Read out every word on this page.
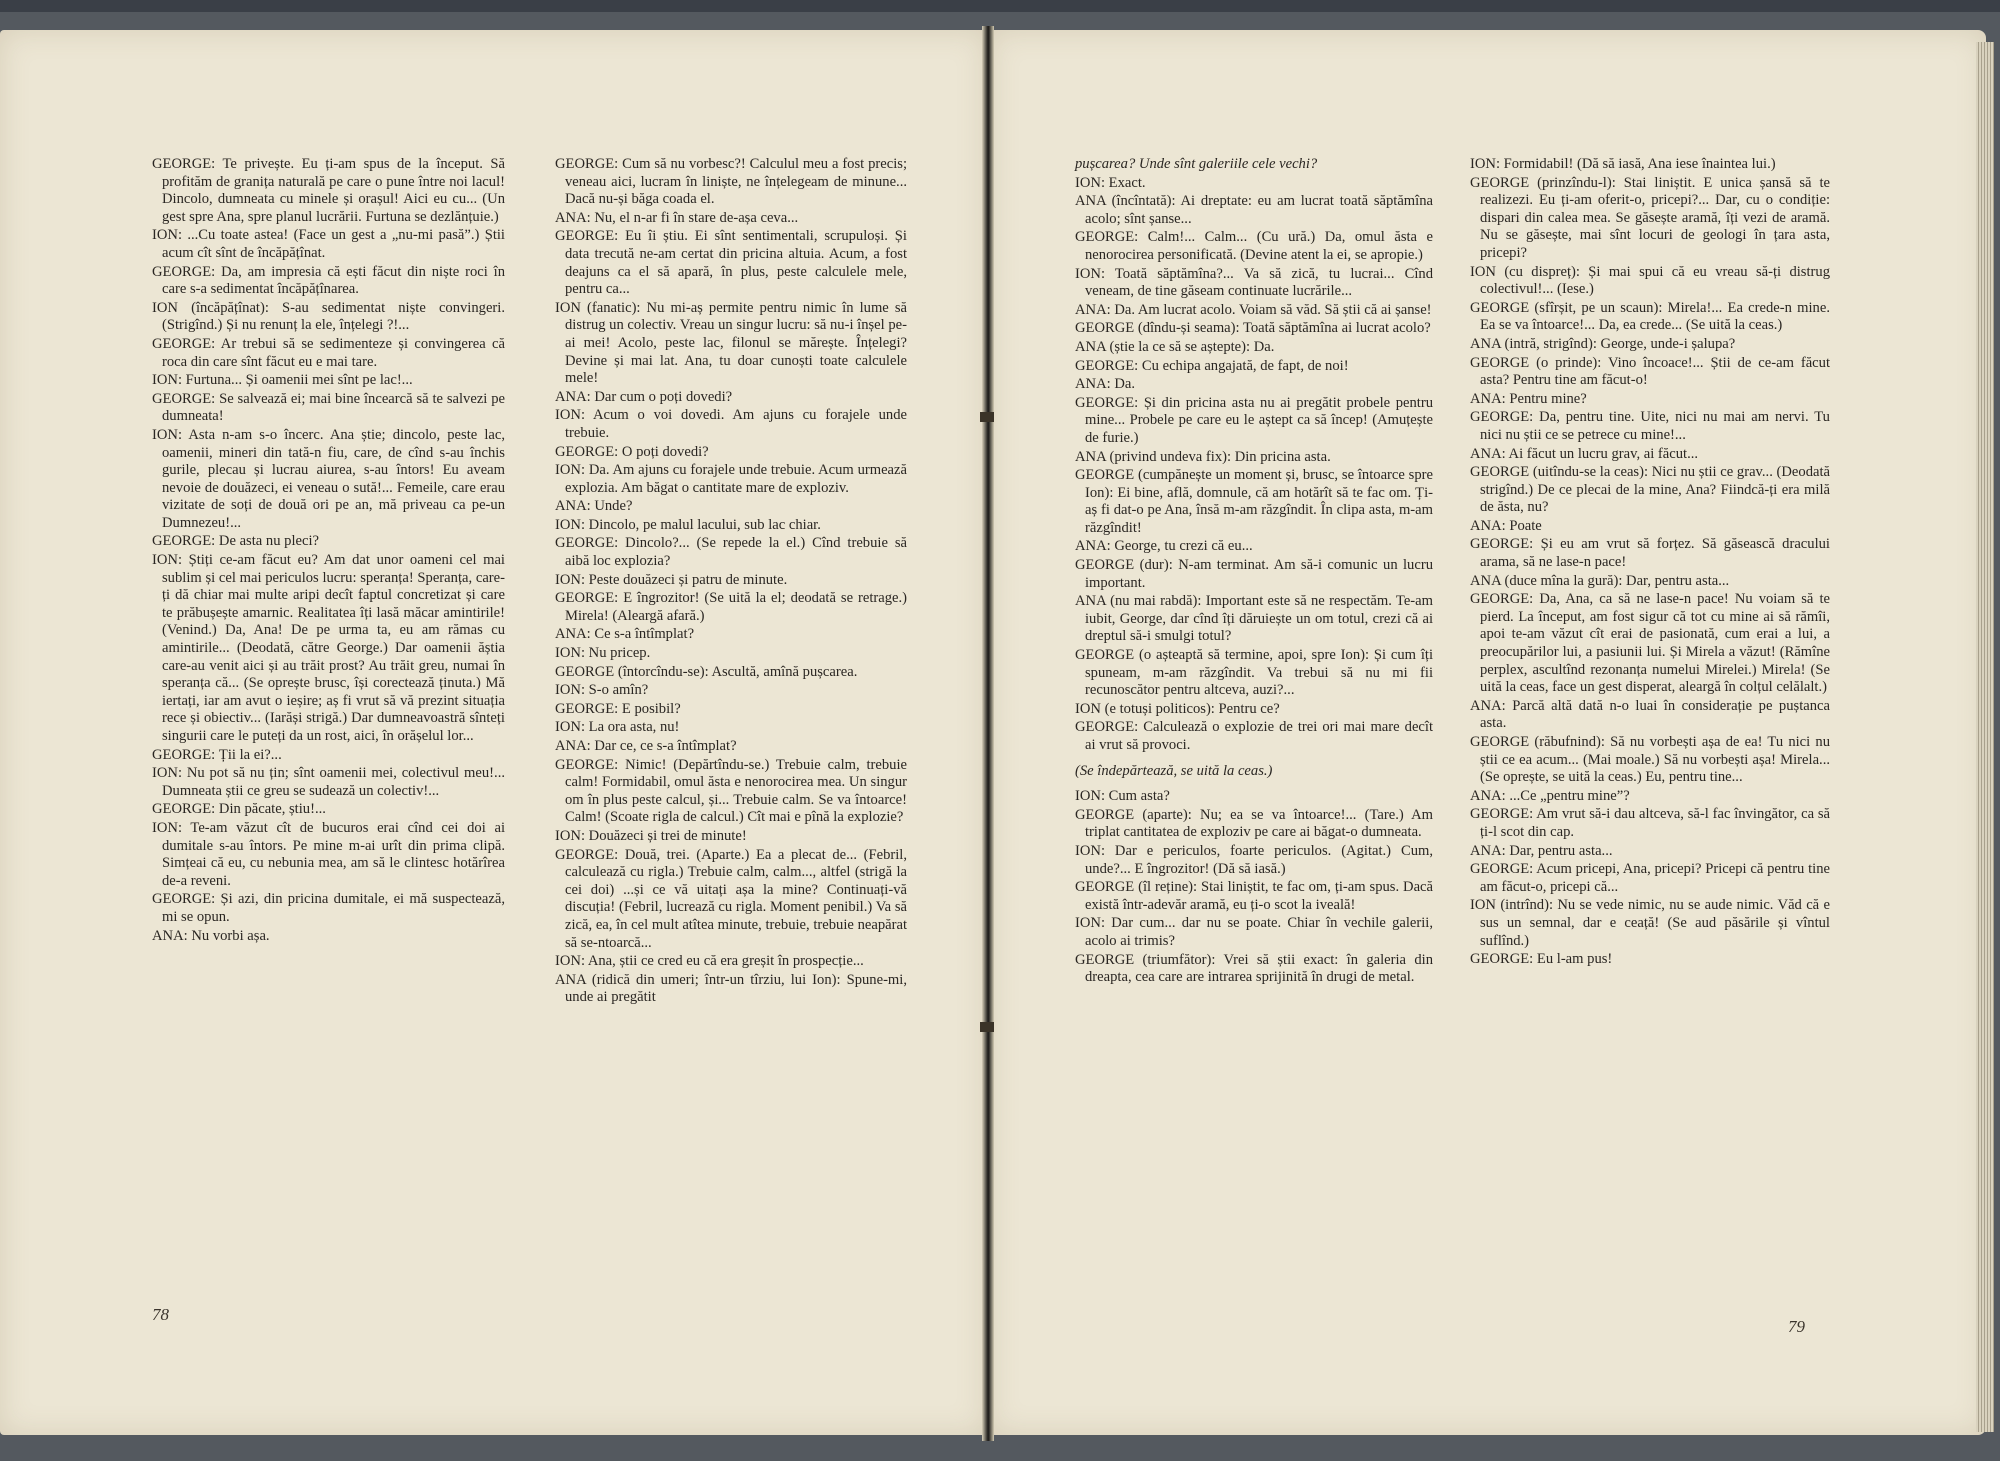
GEORGE: Te privește. Eu ți-am spus de la început. Să profităm de granița naturală pe care o pune între noi lacul! Dincolo, dumneata cu minele și orașul! Aici eu cu... (Un gest spre Ana, spre planul lucrării. Furtuna se dezlănțuie.)

ION: ...Cu toate astea! (Face un gest a „nu-mi pasă”.) Știi acum cît sînt de încăpățînat.

GEORGE: Da, am impresia că ești făcut din niște roci în care s-a sedimentat încăpățînarea.

ION (încăpățînat): S-au sedimentat niște convingeri. (Strigînd.) Și nu renunț la ele, înțelegi ?!...

GEORGE: Ar trebui să se sedimenteze și convingerea că roca din care sînt făcut eu e mai tare.

ION: Furtuna... Și oamenii mei sînt pe lac!...

GEORGE: Se salvează ei; mai bine încearcă să te salvezi pe dumneata!

ION: Asta n-am s-o încerc. Ana știe; dincolo, peste lac, oamenii, mineri din tată-n fiu, care, de cînd s-au închis gurile, plecau și lucrau aiurea, s-au întors! Eu aveam nevoie de douăzeci, ei veneau o sută!... Femeile, care erau vizitate de soți de două ori pe an, mă priveau ca pe-un Dumnezeu!...

GEORGE: De asta nu pleci?

ION: Știți ce-am făcut eu? Am dat unor oameni cel mai sublim și cel mai periculos lucru: speranța! Speranța, care-ți dă chiar mai multe aripi decît faptul concretizat și care te prăbușește amarnic. Realitatea îți lasă măcar amintirile! (Venind.) Da, Ana! De pe urma ta, eu am rămas cu amintirile... (Deodată, către George.) Dar oamenii ăștia care-au venit aici și au trăit prost? Au trăit greu, numai în speranța că... (Se oprește brusc, își corectează ținuta.) Mă iertați, iar am avut o ieșire; aș fi vrut să vă prezint situația rece și obiectiv... (Iarăși strigă.) Dar dumneavoastră sînteți singurii care le puteți da un rost, aici, în orășelul lor...

GEORGE: Ții la ei?...

ION: Nu pot să nu țin; sînt oamenii mei, colectivul meu!... Dumneata știi ce greu se sudează un colectiv!...

GEORGE: Din păcate, știu!...

ION: Te-am văzut cît de bucuros erai cînd cei doi ai dumitale s-au întors. Pe mine m-ai urît din prima clipă. Simțeai că eu, cu nebunia mea, am să le clintesc hotărîrea de-a reveni.

GEORGE: Și azi, din pricina dumitale, ei mă suspectează, mi se opun.

ANA: Nu vorbi așa.

GEORGE: Cum să nu vorbesc?! Calculul meu a fost precis; veneau aici, lucram în liniște, ne înțelegeam de minune... Dacă nu-și băga coada el.

ANA: Nu, el n-ar fi în stare de-așa ceva...

GEORGE: Eu îi știu. Ei sînt sentimentali, scrupuloși. Și data trecută ne-am certat din pricina altuia. Acum, a fost deajuns ca el să apară, în plus, peste calculele mele, pentru ca...

ION (fanatic): Nu mi-aș permite pentru nimic în lume să distrug un colectiv. Vreau un singur lucru: să nu-i înșel pe-ai mei! Acolo, peste lac, filonul se mărește. Înțelegi? Devine și mai lat. Ana, tu doar cunoști toate calculele mele!

ANA: Dar cum o poți dovedi?

ION: Acum o voi dovedi. Am ajuns cu forajele unde trebuie.

GEORGE: O poți dovedi?

ION: Da. Am ajuns cu forajele unde trebuie. Acum urmează explozia. Am băgat o cantitate mare de exploziv.

ANA: Unde?

ION: Dincolo, pe malul lacului, sub lac chiar.

GEORGE: Dincolo?... (Se repede la el.) Cînd trebuie să aibă loc explozia?

ION: Peste douăzeci și patru de minute.

GEORGE: E îngrozitor! (Se uită la el; deodată se retrage.) Mirela! (Aleargă afară.)

ANA: Ce s-a întîmplat?

ION: Nu pricep.

GEORGE (întorcîndu-se): Ascultă, amînă pușcarea.

ION: S-o amîn?

GEORGE: E posibil?

ION: La ora asta, nu!

ANA: Dar ce, ce s-a întîmplat?

GEORGE: Nimic! (Depărtîndu-se.) Trebuie calm, trebuie calm! Formidabil, omul ăsta e nenorocirea mea. Un singur om în plus peste calcul, și... Trebuie calm. Se va întoarce! Calm! (Scoate rigla de calcul.) Cît mai e pînă la explozie?

ION: Douăzeci și trei de minute!

GEORGE: Două, trei. (Aparte.) Ea a plecat de... (Febril, calculează cu rigla.) Trebuie calm, calm..., altfel (strigă la cei doi) ...și ce vă uitați așa la mine? Continuați-vă discuția! (Febril, lucrează cu rigla. Moment penibil.) Va să zică, ea, în cel mult atîtea minute, trebuie, trebuie neapărat să se-ntoarcă...

ION: Ana, știi ce cred eu că era greșit în prospecție...

ANA (ridică din umeri; într-un tîrziu, lui Ion): Spune-mi, unde ai pregătit

78

pușcarea? Unde sînt galeriile cele vechi?

ION: Exact.

ANA (încîntată): Ai dreptate: eu am lucrat toată săptămîna acolo; sînt șanse...

GEORGE: Calm!... Calm... (Cu ură.) Da, omul ăsta e nenorocirea personificată. (Devine atent la ei, se apropie.)

ION: Toată săptămîna?... Va să zică, tu lucrai... Cînd veneam, de tine găseam continuate lucrările...

ANA: Da. Am lucrat acolo. Voiam să văd. Să știi că ai șanse!

GEORGE (dîndu-și seama): Toată săptămîna ai lucrat acolo?

ANA (știe la ce să se aștepte): Da.

GEORGE: Cu echipa angajată, de fapt, de noi!

ANA: Da.

GEORGE: Și din pricina asta nu ai pregătit probele pentru mine... Probele pe care eu le aștept ca să încep! (Amuțește de furie.)

ANA (privind undeva fix): Din pricina asta.

GEORGE (cumpănește un moment și, brusc, se întoarce spre Ion): Ei bine, află, domnule, că am hotărît să te fac om. Ți-aș fi dat-o pe Ana, însă m-am răzgîndit. În clipa asta, m-am răzgîndit!

ANA: George, tu crezi că eu...

GEORGE (dur): N-am terminat. Am să-i comunic un lucru important.

ANA (nu mai rabdă): Important este să ne respectăm. Te-am iubit, George, dar cînd îți dăruiește un om totul, crezi că ai dreptul să-i smulgi totul?

GEORGE (o așteaptă să termine, apoi, spre Ion): Și cum îți spuneam, m-am răzgîndit. Va trebui să nu mi fii recunoscător pentru altceva, auzi?...

ION (e totuși politicos): Pentru ce?

GEORGE: Calculează o explozie de trei ori mai mare decît ai vrut să provoci.

(Se îndepărtează, se uită la ceas.)

ION: Cum asta?

GEORGE (aparte): Nu; ea se va întoarce!... (Tare.) Am triplat cantitatea de exploziv pe care ai băgat-o dumneata.

ION: Dar e periculos, foarte periculos. (Agitat.) Cum, unde?... E îngrozitor! (Dă să iasă.)

GEORGE (îl reține): Stai liniștit, te fac om, ți-am spus. Dacă există într-adevăr aramă, eu ți-o scot la iveală!

ION: Dar cum... dar nu se poate. Chiar în vechile galerii, acolo ai trimis?

GEORGE (triumfător): Vrei să știi exact: în galeria din dreapta, cea care are intrarea sprijinită în drugi de metal.

ION: Formidabil! (Dă să iasă, Ana iese înaintea lui.)

GEORGE (prinzîndu-l): Stai liniștit. E unica șansă să te realizezi. Eu ți-am oferit-o, pricepi?... Dar, cu o condiție: dispari din calea mea. Se găsește aramă, îți vezi de aramă. Nu se găsește, mai sînt locuri de geologi în țara asta, pricepi?

ION (cu dispreț): Și mai spui că eu vreau să-ți distrug colectivul!... (Iese.)

GEORGE (sfîrșit, pe un scaun): Mirela!... Ea crede-n mine. Ea se va întoarce!... Da, ea crede... (Se uită la ceas.)

ANA (intră, strigînd): George, unde-i șalupa?

GEORGE (o prinde): Vino încoace!... Știi de ce-am făcut asta? Pentru tine am făcut-o!

ANA: Pentru mine?

GEORGE: Da, pentru tine. Uite, nici nu mai am nervi. Tu nici nu știi ce se petrece cu mine!...

ANA: Ai făcut un lucru grav, ai făcut...

GEORGE (uitîndu-se la ceas): Nici nu știi ce grav... (Deodată strigînd.) De ce plecai de la mine, Ana? Fiindcă-ți era milă de ăsta, nu?

ANA: Poate

GEORGE: Și eu am vrut să forțez. Să găsească dracului arama, să ne lase-n pace!

ANA (duce mîna la gură): Dar, pentru asta...

GEORGE: Da, Ana, ca să ne lase-n pace! Nu voiam să te pierd. La început, am fost sigur că tot cu mine ai să rămîi, apoi te-am văzut cît erai de pasionată, cum erai a lui, a preocupărilor lui, a pasiunii lui. Și Mirela a văzut! (Rămîne perplex, ascultînd rezonanța numelui Mirelei.) Mirela! (Se uită la ceas, face un gest disperat, aleargă în colțul celălalt.)

ANA: Parcă altă dată n-o luai în considerație pe puștanca asta.

GEORGE (răbufnind): Să nu vorbești așa de ea! Tu nici nu știi ce ea acum... (Mai moale.) Să nu vorbești așa! Mirela... (Se oprește, se uită la ceas.) Eu, pentru tine...

ANA: ...Ce „pentru mine”?

GEORGE: Am vrut să-i dau altceva, să-l fac învingător, ca să ți-l scot din cap.

ANA: Dar, pentru asta...

GEORGE: Acum pricepi, Ana, pricepi? Pricepi că pentru tine am făcut-o, pricepi că...

ION (intrînd): Nu se vede nimic, nu se aude nimic. Văd că e sus un semnal, dar e ceață! (Se aud păsările și vîntul suflînd.)

GEORGE: Eu l-am pus!

79
